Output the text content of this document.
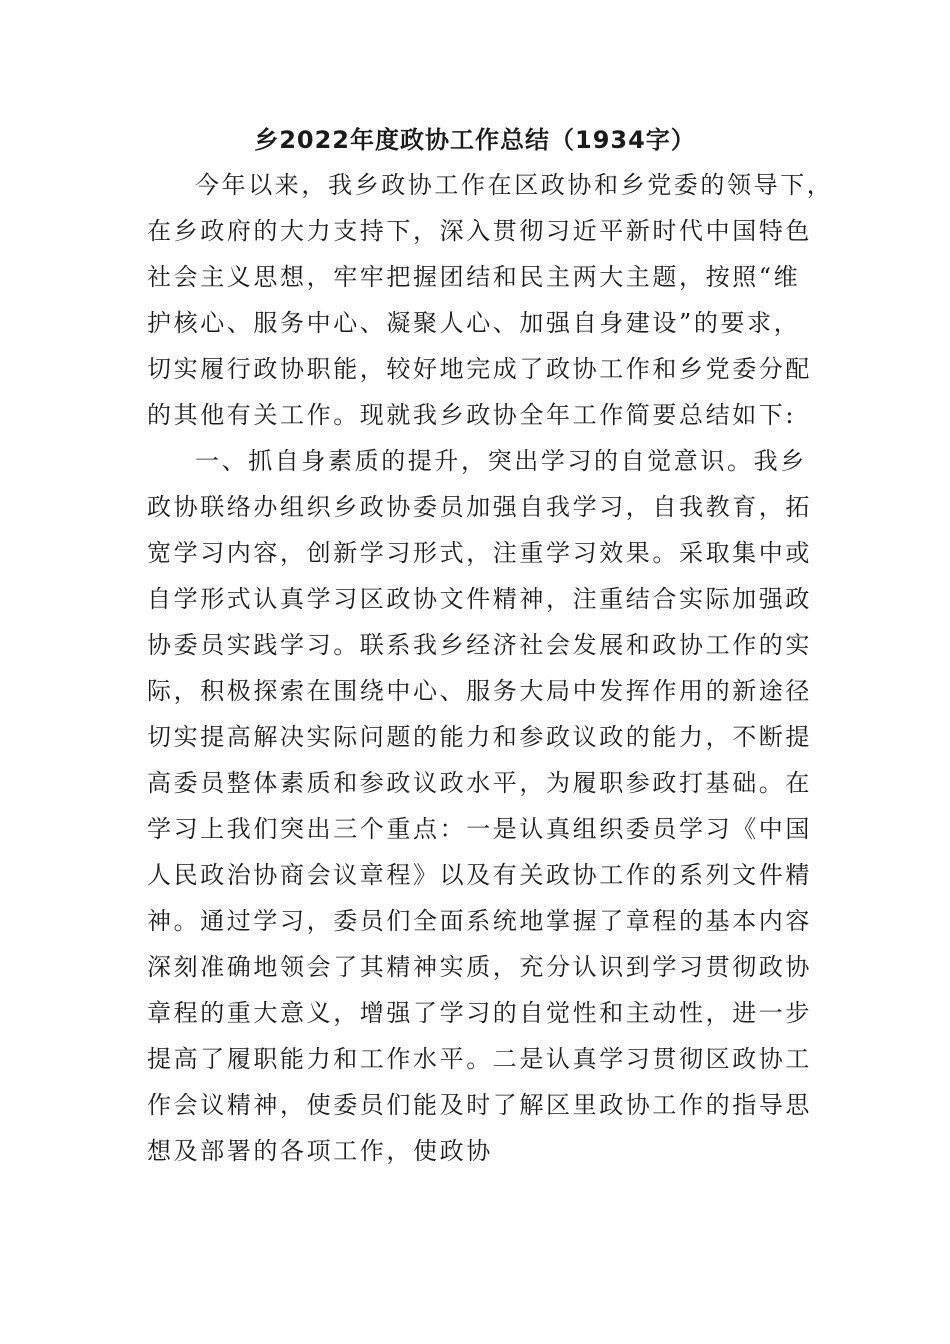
乡2022年度政协工作总结（1934字）
今年以来，我乡政协工作在区政协和乡党委的领导下，
在乡政府的大力支持下，深入贯彻习近平新时代中国特色
社会主义思想，牢牢把握团结和民主两大主题，按照“维
护核心、服务中心、凝聚人心、加强自身建设”的要求，
切实履行政协职能，较好地完成了政协工作和乡党委分配
的其他有关工作。现就我乡政协全年工作简要总结如下:
一、抓自身素质的提升，突出学习的自觉意识。我乡
政协联络办组织乡政协委员加强自我学习，自我教育，拓
宽学习内容，创新学习形式，注重学习效果。采取集中或
自学形式认真学习区政协文件精神，注重结合实际加强政
协委员实践学习。联系我乡经济社会发展和政协工作的实
际，积极探索在围绕中心、服务大局中发挥作用的新途径
切实提高解决实际问题的能力和参政议政的能力，不断提
高委员整体素质和参政议政水平，为履职参政打基础。在
学习上我们突出三个重点：一是认真组织委员学习《中国
人民政治协商会议章程》以及有关政协工作的系列文件精
神。通过学习，委员们全面系统地掌握了章程的基本内容
深刻准确地领会了其精神实质，充分认识到学习贯彻政协
章程的重大意义，增强了学习的自觉性和主动性，进一步
提高了履职能力和工作水平。二是认真学习贯彻区政协工
作会议精神，使委员们能及时了解区里政协工作的指导思
想及部署的各项工作，使政协
